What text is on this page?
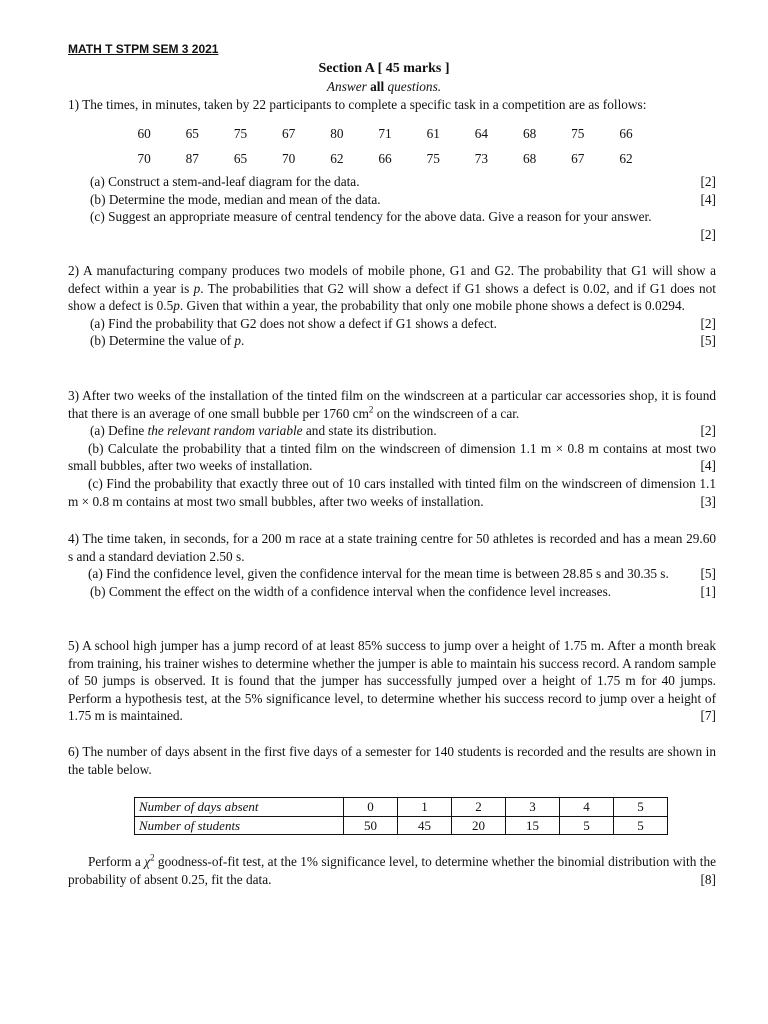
MATH T STPM SEM 3 2021
Section A [ 45 marks ]
Answer all questions.

1) The times, in minutes, taken by 22 participants to complete a specific task in a competition are as follows:

60	65	75	67	80	71	61	64	68	75	66
70	87	65	70	62	66	75	73	68	67	62
(a) Construct a stem-and-leaf diagram for the data.	[2]
(b) Determine the mode, median and mean of the data.	[4]
(c) Suggest an appropriate measure of central tendency for the above data. Give a reason for your answer.
[2]

2) A manufacturing company produces two models of mobile phone, G1 and G2. The probability that G1 will show a defect within a year is p. The probabilities that G2 will show a defect if G1 shows a defect is 0.02, and if G1 does not show a defect is 0.5p. Given that within a year, the probability that only one mobile phone shows a defect is 0.0294.

(a) Find the probability that G2 does not show a defect if G1 shows a defect.	[2]
(b) Determine the value of p.	[5]

3) After two weeks of the installation of the tinted film on the windscreen at a particular car accessories shop, it is found that there is an average of one small bubble per 1760 $cm^2$ on the windscreen of a car.

(a) Define the relevant random variable and state its distribution.	[2]

(b) Calculate the probability that a tinted film on the windscreen of dimension 1.1 m × 0.8 m contains at most two small bubbles, after two weeks of installation.	[4]

(c) Find the probability that exactly three out of 10 cars installed with tinted film on the windscreen of dimension 1.1 m × 0.8 m contains at most two small bubbles, after two weeks of installation.	[3]

4) The time taken, in seconds, for a 200 m race at a state training centre for 50 athletes is recorded and has a mean 29.60 s and a standard deviation 2.50 s.

(a) Find the confidence level, given the confidence interval for the mean time is between 28.85 s and 30.35 s.	[5]

(b) Comment the effect on the width of a confidence interval when the confidence level increases.	[1]

5) A school high jumper has a jump record of at least 85% success to jump over a height of 1.75 m. After a month break from training, his trainer wishes to determine whether the jumper is able to maintain his success record. A random sample of 50 jumps is observed. It is found that the jumper has successfully jumped over a height of 1.75 m for 40 jumps. Perform a hypothesis test, at the 5% significance level, to determine whether his success record to jump over a height of 1.75 m is maintained.	[7]

6) The number of days absent in the first five days of a semester for 140 students is recorded and the results are shown in the table below.

Number of days absent	0	1	2	3	4	5
Number of students	50	45	20	15	5	5

Perform a $\chi^2$ goodness-of-fit test, at the 1% significance level, to determine whether the binomial distribution with the probability of absent 0.25, fit the data.	[8]
